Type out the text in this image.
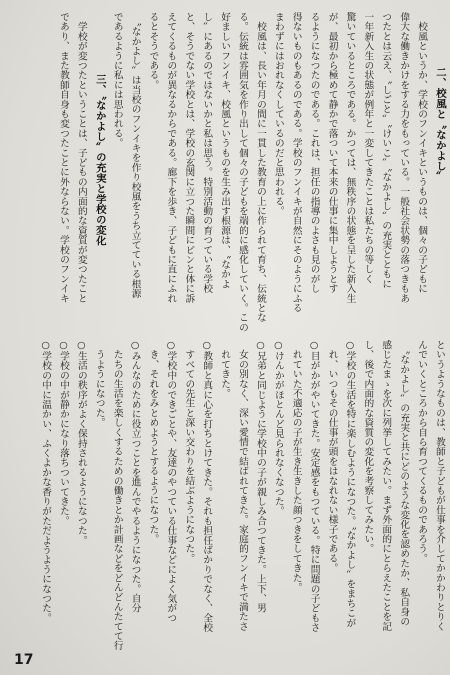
二、校風と〝なかよし〟
　校風というか、学校のフンイキというものは、個々の子どもに
偉大な働きかけをする力をもっている。一般社会状勢の落つきもあ
つたとは云え、〝しごと〟〝けいこ〟〝なかよし〟の充実とともに
一年新入生の状態が例年と一変してきたことは私たちの等しく
驚いているところである。かつては、無秩序の状態を呈した新入生
が、最初から極めて静かで落ついて本来の仕事に集中しようとす
るようになつたのである。これは、担任の指導のよさも見のがし
得ないものもあるのである。学校のフンイキが自然にそのようにふる
まわずにはおれなくしているのだと思われる。
　校風は、長い年月の間に一貫した教育の上に作られて育ち、伝統とな
る。伝統は雰囲気を作り出して個々の子どもを端的に感化していく。この
好ましいフンイキ、校風というものを生み出す根源は、〝なかよ
し〟にあるのではないかと私は思う。特別活動の育つている学校
と、そうでない学校とは、学校の玄関に立つた瞬間にピンと体に訴
えてくるものが異なるからである。廊下を歩き、子どもに直にふれ
るとそうである。
　〝なかよし〟は当校のフンイキを作り校風をうち立てている根源
であるように私には思われる。
三、〝なかよし〟の充実と学校の変化
　学校が変つたということは、子どもの内面的な資質が変つたこと
であり、また教師自身も変つたことに外ならない。学校のフンイキ
というようなものは、教師と子どもが仕事を介してかかわりとりく
んでいくところから自ら育つてくるものであろう。
　〝なかよし〟の充実と共にどのような変化を認めたか、私自身の
感じたまゝを次に列挙してみたい。まず外面的にとらえたことを記
し、後で内面的な資質の変化を考察してみたい。
○学校の生活を特に楽しむようになつた。〝なかよし〟をまちこが
　れ、いつもその仕事が頭をはなれない様子である。
○目がかがやいてきた。安定感をもつている。特に問題の子どもさ
　れていた不適応の子が生き生きした顔つきをしてきた。
○けんかがほとんど見られなくなつた。
○兄弟と同じように学校中の子が親しみ合つてきた。上下、男
　女の別なく、深い愛情で結ばれてきた。家庭的フンイキで満たさ
　れてきた。
○教師と真に心を打ちとけてきた。それも担任ばかりでなく、全校
　すべての先生と深い交わりを結ぶようになつた。
○学校中のできごとや、友達のやつている仕事などによく気がつ
　き、それをみとめようとするようになつた。
○みんなのために役立つことを進んでやるようになつた。自分
　たちの生活を楽しくするための働きとか計画などをどんどんたてて行
　うようになつた。
○生活の秩序がよく保持されるようになつた。
○学校の中が静かになり落ちついてきた。
○学校の中に温かい、ふくよかな香りがただようようになつた。
17
